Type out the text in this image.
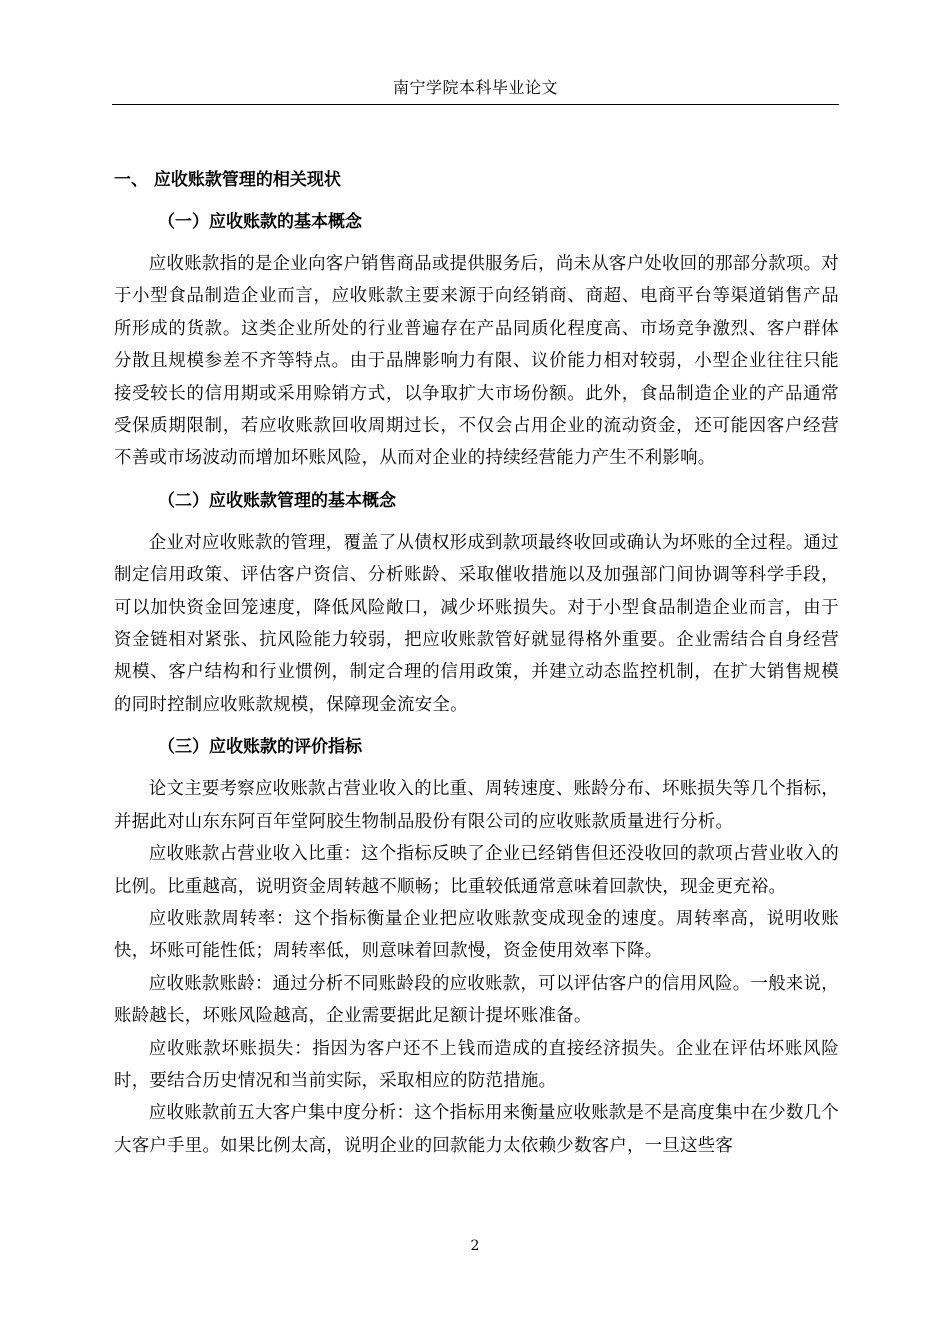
南宁学院本科毕业论文
一、 应收账款管理的相关现状
（一）应收账款的基本概念

应收账款指的是企业向客户销售商品或提供服务后，尚未从客户处收回的那部分款项。对于小型食品制造企业而言，应收账款主要来源于向经销商、商超、电商平台等渠道销售产品所形成的货款。这类企业所处的行业普遍存在产品同质化程度高、市场竞争激烈、客户群体分散且规模参差不齐等特点。由于品牌影响力有限、议价能力相对较弱，小型企业往往只能接受较长的信用期或采用赊销方式，以争取扩大市场份额。此外，食品制造企业的产品通常受保质期限制，若应收账款回收周期过长，不仅会占用企业的流动资金，还可能因客户经营不善或市场波动而增加坏账风险，从而对企业的持续经营能力产生不利影响。

（二）应收账款管理的基本概念

企业对应收账款的管理，覆盖了从债权形成到款项最终收回或确认为坏账的全过程。通过制定信用政策、评估客户资信、分析账龄、采取催收措施以及加强部门间协调等科学手段，可以加快资金回笼速度，降低风险敞口，减少坏账损失。对于小型食品制造企业而言，由于资金链相对紧张、抗风险能力较弱，把应收账款管好就显得格外重要。企业需结合自身经营规模、客户结构和行业惯例，制定合理的信用政策，并建立动态监控机制，在扩大销售规模的同时控制应收账款规模，保障现金流安全。

（三）应收账款的评价指标

论文主要考察应收账款占营业收入的比重、周转速度、账龄分布、坏账损失等几个指标，并据此对山东东阿百年堂阿胶生物制品股份有限公司的应收账款质量进行分析。

应收账款占营业收入比重：这个指标反映了企业已经销售但还没收回的款项占营业收入的比例。比重越高，说明资金周转越不顺畅；比重较低通常意味着回款快，现金更充裕。

应收账款周转率：这个指标衡量企业把应收账款变成现金的速度。周转率高，说明收账快，坏账可能性低；周转率低，则意味着回款慢，资金使用效率下降。

应收账款账龄：通过分析不同账龄段的应收账款，可以评估客户的信用风险。一般来说，账龄越长，坏账风险越高，企业需要据此足额计提坏账准备。

应收账款坏账损失：指因为客户还不上钱而造成的直接经济损失。企业在评估坏账风险时，要结合历史情况和当前实际，采取相应的防范措施。

应收账款前五大客户集中度分析：这个指标用来衡量应收账款是不是高度集中在少数几个大客户手里。如果比例太高，说明企业的回款能力太依赖少数客户，一旦这些客

2
